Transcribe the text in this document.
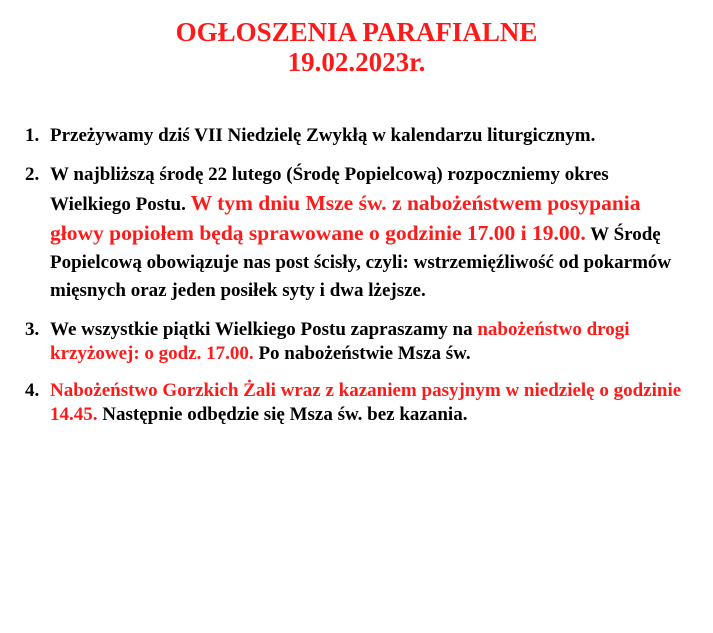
OGŁOSZENIA PARAFIALNE
19.02.2023r.
1. Przeżywamy dziś VII Niedzielę Zwykłą w kalendarzu liturgicznym.
2. W najbliższą środę 22 lutego (Środę Popielcową) rozpoczniemy okres Wielkiego Postu. W tym dniu Msze św. z nabożeństwem posypania głowy popiołem będą sprawowane o godzinie 17.00 i 19.00. W Środę Popielcową obowiązuje nas post ścisły, czyli: wstrzemięźliwość od pokarmów mięsnych oraz jeden posiłek syty i dwa lżejsze.
3. We wszystkie piątki Wielkiego Postu zapraszamy na nabożeństwo drogi krzyżowej: o godz. 17.00. Po nabożeństwie Msza św.
4. Nabożeństwo Gorzkich Żali wraz z kazaniem pasyjnym w niedzielę o godzinie 14.45. Następnie odbędzie się Msza św. bez kazania.
